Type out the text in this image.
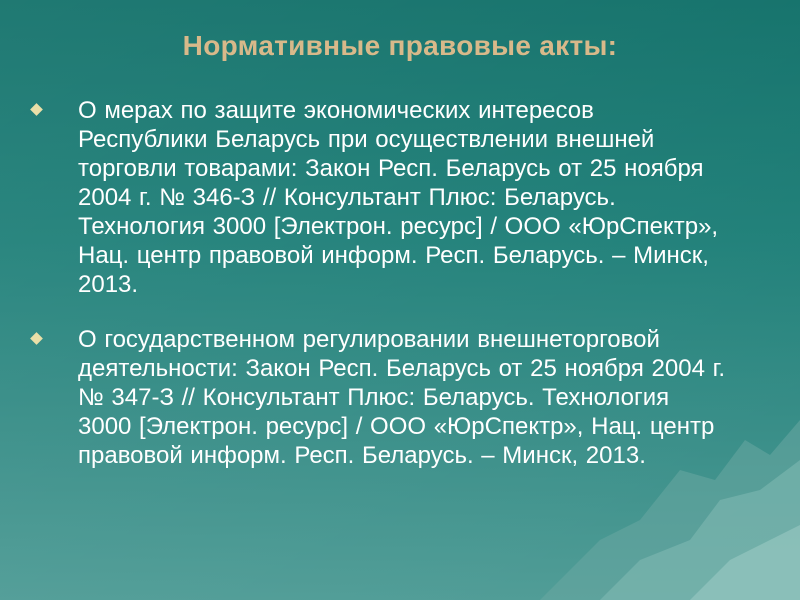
Нормативные правовые акты:
О мерах по защите экономических интересов Республики Беларусь при осуществлении внешней торговли товарами: Закон Респ. Беларусь от 25 ноября 2004 г. № 346-З // Консультант Плюс: Беларусь. Технология 3000 [Электрон. ресурс] / ООО «ЮрСпектр», Нац. центр правовой информ. Респ. Беларусь. – Минск, 2013.
О государственном регулировании внешнеторговой деятельности: Закон Респ. Беларусь от 25 ноября 2004 г. № 347-З // Консультант Плюс: Беларусь. Технология 3000 [Электрон. ресурс] / ООО «ЮрСпектр», Нац. центр правовой информ. Респ. Беларусь. – Минск, 2013.
